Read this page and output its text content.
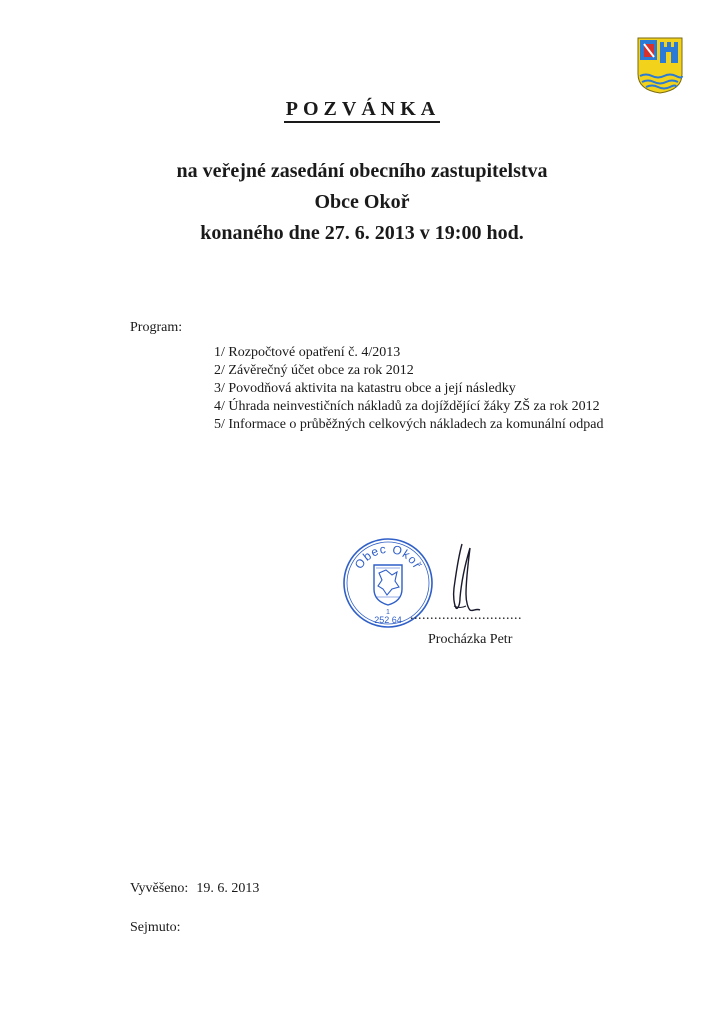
POZVÁNKA
na veřejné zasedání obecního zastupitelstva
Obce Okoř
konaného dne 27. 6. 2013 v 19:00 hod.
Program:
1/ Rozpočtové opatření č. 4/2013
2/ Závěrečný účet obce za rok 2012
3/ Povodňová aktivita na katastru obce a její následky
4/ Úhrada neinvestičních nákladů za dojíždějící žáky ZŠ za rok 2012
5/ Informace o průběžných celkových nákladech za komunální odpad
Obec Okoř
1
252 64 ............................
Procházka Petr
Vyvěšeno: 19. 6. 2013
Sejmuto:
